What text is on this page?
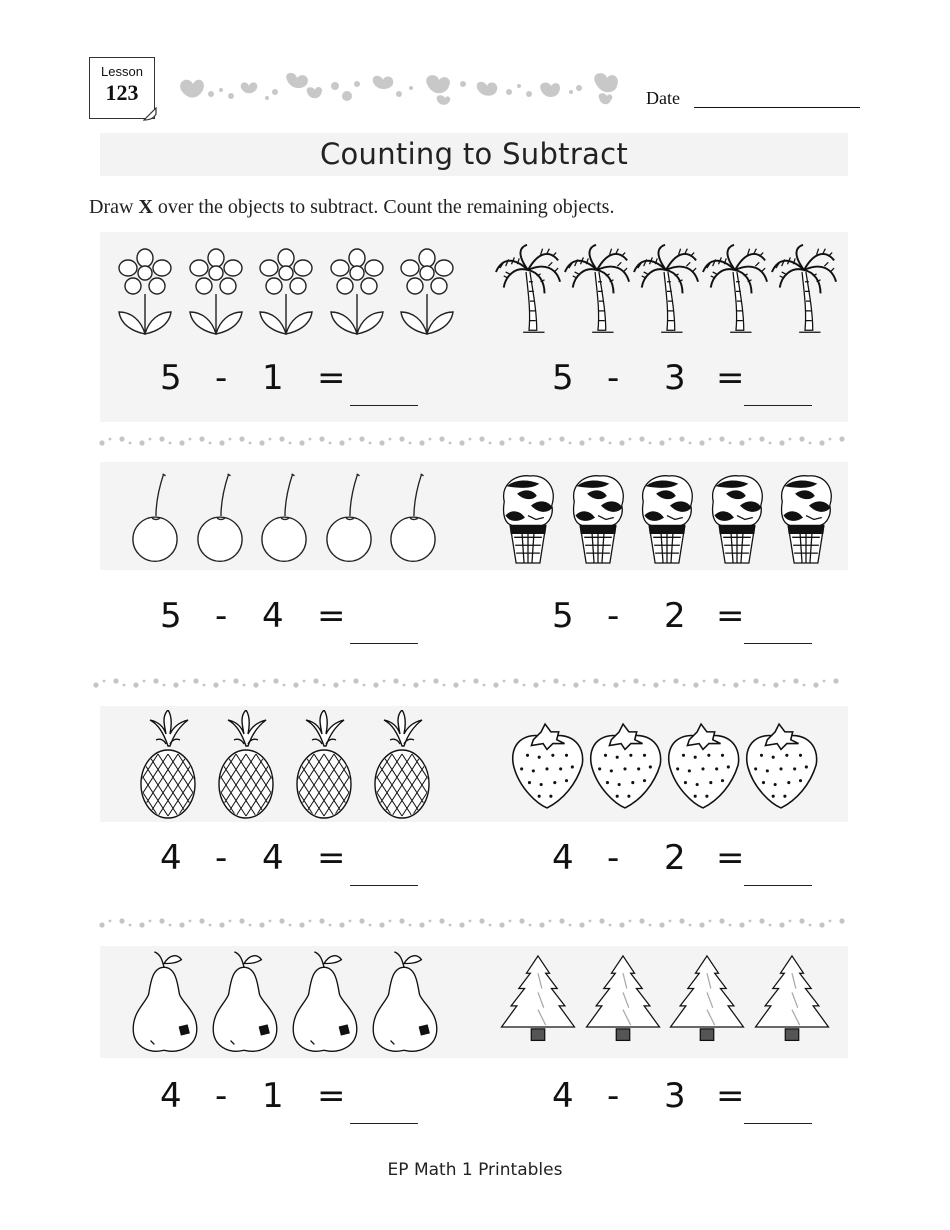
Lesson
123	Date
Counting to Subtract
Draw X over the objects to subtract. Count the remaining objects.
5 - 1 =	5 - 3 =
5 - 4 =	5 - 2 =
4 - 4 =	4 - 2 =
4 - 1 =	4 - 3 =
EP Math 1 Printables
